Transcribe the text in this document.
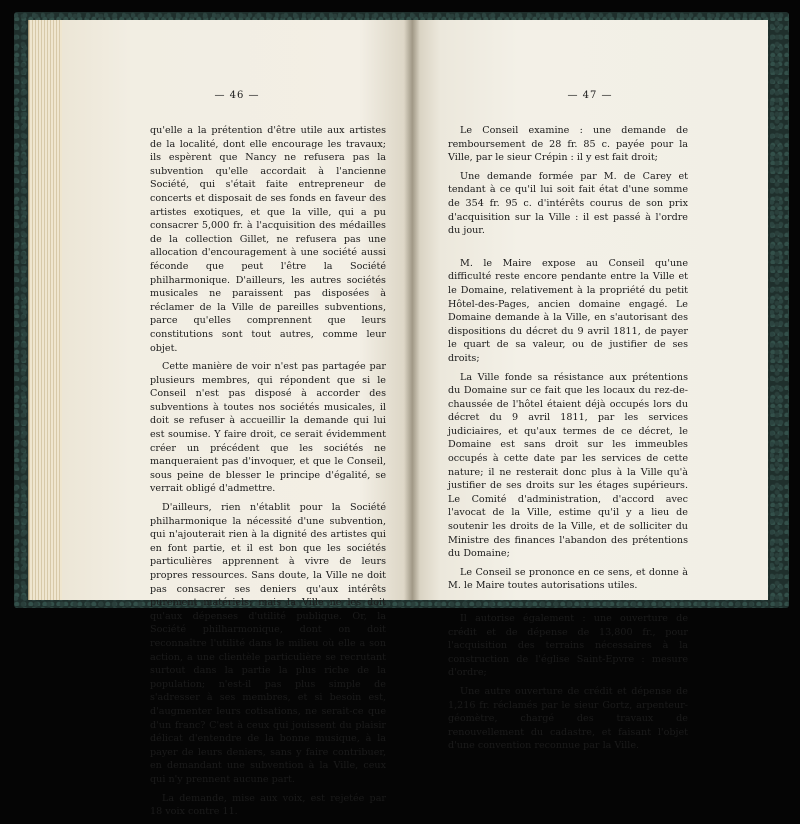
— 46 —

qu'elle a la prétention d'être utile aux artistes de la localité, dont elle encourage les travaux; ils espèrent que Nancy ne refusera pas la subvention qu'elle accordait à l'ancienne Société, qui s'était faite entrepreneur de concerts et disposait de ses fonds en faveur des artistes exotiques, et que la ville, qui a pu consacrer 5,000 fr. à l'acquisition des médailles de la collection Gillet, ne refusera pas une allocation d'encouragement à une société aussi féconde que peut l'être la Société philharmonique. D'ailleurs, les autres sociétés musicales ne paraissent pas disposées à réclamer de la Ville de pareilles subventions, parce qu'elles comprennent que leurs constitutions sont tout autres, comme leur objet.

Cette manière de voir n'est pas partagée par plusieurs membres, qui répondent que si le Conseil n'est pas disposé à accorder des subventions à toutes nos sociétés musicales, il doit se refuser à accueillir la demande qui lui est soumise. Y faire droit, ce serait évidemment créer un précédent que les sociétés ne manqueraient pas d'invoquer, et que le Conseil, sous peine de blesser le principe d'égalité, se verrait obligé d'admettre.

D'ailleurs, rien n'établit pour la Société philharmonique la nécessité d'une subvention, qui n'ajouterait rien à la dignité des artistes qui en font partie, et il est bon que les sociétés particulières apprennent à vivre de leurs propres ressources. Sans doute, la Ville ne doit pas consacrer ses deniers qu'aux intérêts purement matériels; mais la Ville ne les doit qu'aux dépenses d'utilité publique. Or, la Société philharmonique, dont on doit reconnaître l'utilité dans le milieu où elle a son action, a une clientèle particulière se recrutant surtout dans la partie la plus riche de la population; n'est-il pas plus simple de s'adresser à ses membres, et si besoin est, d'augmenter leurs cotisations, ne serait-ce que d'un franc? C'est à ceux qui jouissent du plaisir délicat d'entendre de la bonne musique, à la payer de leurs deniers, sans y faire contribuer, en demandant une subvention à la Ville, ceux qui n'y prennent aucune part.

La demande, mise aux voix, est rejetée par 18 voix contre 11.

— 47 —

Le Conseil examine : une demande de remboursement de 28 fr. 85 c. payée pour la Ville, par le sieur Crépin : il y est fait droit;

Une demande formée par M. de Carey et tendant à ce qu'il lui soit fait état d'une somme de 354 fr. 95 c. d'intérêts courus de son prix d'acquisition sur la Ville : il est passé à l'ordre du jour.

M. le Maire expose au Conseil qu'une difficulté reste encore pendante entre la Ville et le Domaine, relativement à la propriété du petit Hôtel-des-Pages, ancien domaine engagé. Le Domaine demande à la Ville, en s'autorisant des dispositions du décret du 9 avril 1811, de payer le quart de sa valeur, ou de justifier de ses droits;

La Ville fonde sa résistance aux prétentions du Domaine sur ce fait que les locaux du rez-de-chaussée de l'hôtel étaient déjà occupés lors du décret du 9 avril 1811, par les services judiciaires, et qu'aux termes de ce décret, le Domaine est sans droit sur les immeubles occupés à cette date par les services de cette nature; il ne resterait donc plus à la Ville qu'à justifier de ses droits sur les étages supérieurs. Le Comité d'administration, d'accord avec l'avocat de la Ville, estime qu'il y a lieu de soutenir les droits de la Ville, et de solliciter du Ministre des finances l'abandon des prétentions du Domaine;

Le Conseil se prononce en ce sens, et donne à M. le Maire toutes autorisations utiles.

Il autorise également : une ouverture de crédit et de dépense de 13,800 fr., pour l'acquisition des terrains nécessaires à la construction de l'église Saint-Epvre : mesure d'ordre;

Une autre ouverture de crédit et dépense de 1,216 fr. réclamés par le sieur Gortz, arpenteur-géomètre, chargé des travaux de renouvellement du cadastre, et faisant l'objet d'une convention reconnue par la Ville.
